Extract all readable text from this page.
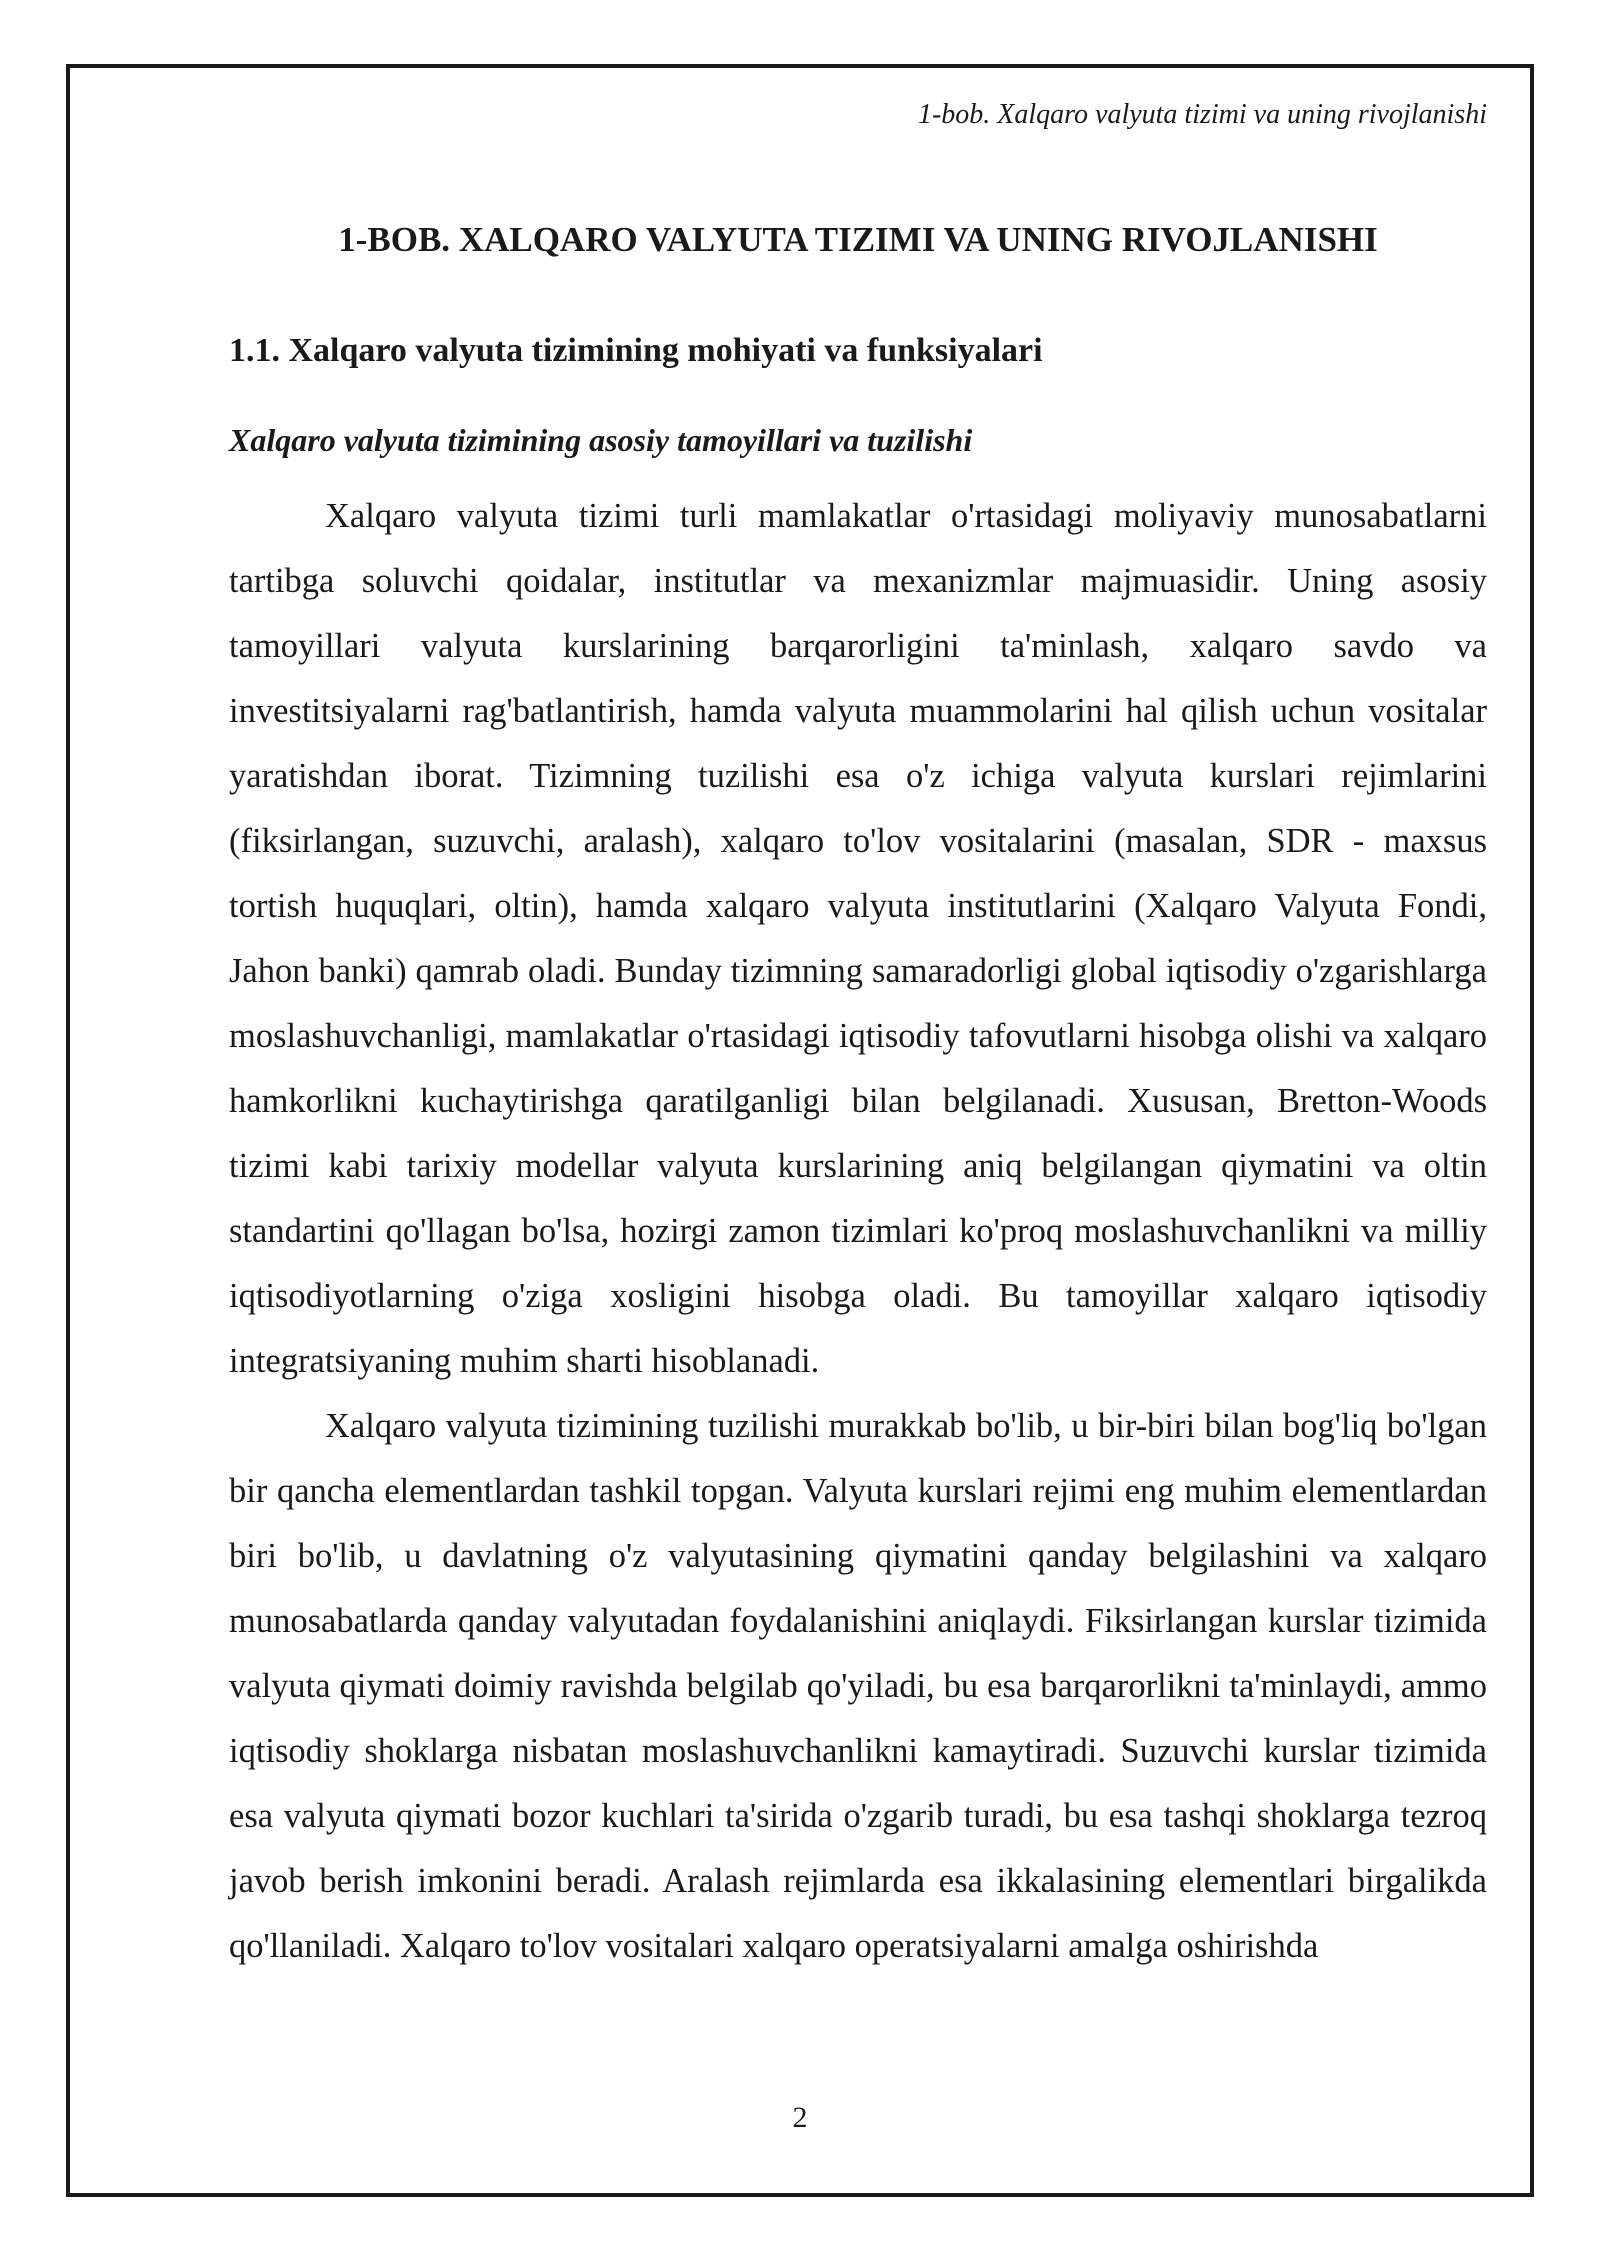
1-bob. Xalqaro valyuta tizimi va uning rivojlanishi
1-BOB. XALQARO VALYUTA TIZIMI VA UNING RIVOJLANISHI
1.1. Xalqaro valyuta tizimining mohiyati va funksiyalari
Xalqaro valyuta tizimining asosiy tamoyillari va tuzilishi

Xalqaro valyuta tizimi turli mamlakatlar o'rtasidagi moliyaviy munosabatlarni tartibga soluvchi qoidalar, institutlar va mexanizmlar majmuasidir. Uning asosiy tamoyillari valyuta kurslarining barqarorligini ta'minlash, xalqaro savdo va investitsiyalarni rag'batlantirish, hamda valyuta muammolarini hal qilish uchun vositalar yaratishdan iborat. Tizimning tuzilishi esa o'z ichiga valyuta kurslari rejimlarini (fiksirlangan, suzuvchi, aralash), xalqaro to'lov vositalarini (masalan, SDR - maxsus tortish huquqlari, oltin), hamda xalqaro valyuta institutlarini (Xalqaro Valyuta Fondi, Jahon banki) qamrab oladi. Bunday tizimning samaradorligi global iqtisodiy o'zgarishlarga moslashuvchanligi, mamlakatlar o'rtasidagi iqtisodiy tafovutlarni hisobga olishi va xalqaro hamkorlikni kuchaytirishga qaratilganligi bilan belgilanadi. Xususan, Bretton-Woods tizimi kabi tarixiy modellar valyuta kurslarining aniq belgilangan qiymatini va oltin standartini qo'llagan bo'lsa, hozirgi zamon tizimlari ko'proq moslashuvchanlikni va milliy iqtisodiyotlarning o'ziga xosligini hisobga oladi. Bu tamoyillar xalqaro iqtisodiy integratsiyaning muhim sharti hisoblanadi.

Xalqaro valyuta tizimining tuzilishi murakkab bo'lib, u bir-biri bilan bog'liq bo'lgan bir qancha elementlardan tashkil topgan. Valyuta kurslari rejimi eng muhim elementlardan biri bo'lib, u davlatning o'z valyutasining qiymatini qanday belgilashini va xalqaro munosabatlarda qanday valyutadan foydalanishini aniqlaydi. Fiksirlangan kurslar tizimida valyuta qiymati doimiy ravishda belgilab qo'yiladi, bu esa barqarorlikni ta'minlaydi, ammo iqtisodiy shoklarga nisbatan moslashuvchanlikni kamaytiradi. Suzuvchi kurslar tizimida esa valyuta qiymati bozor kuchlari ta'sirida o'zgarib turadi, bu esa tashqi shoklarga tezroq javob berish imkonini beradi. Aralash rejimlarda esa ikkalasining elementlari birgalikda qo'llaniladi. Xalqaro to'lov vositalari xalqaro operatsiyalarni amalga oshirishda

2
